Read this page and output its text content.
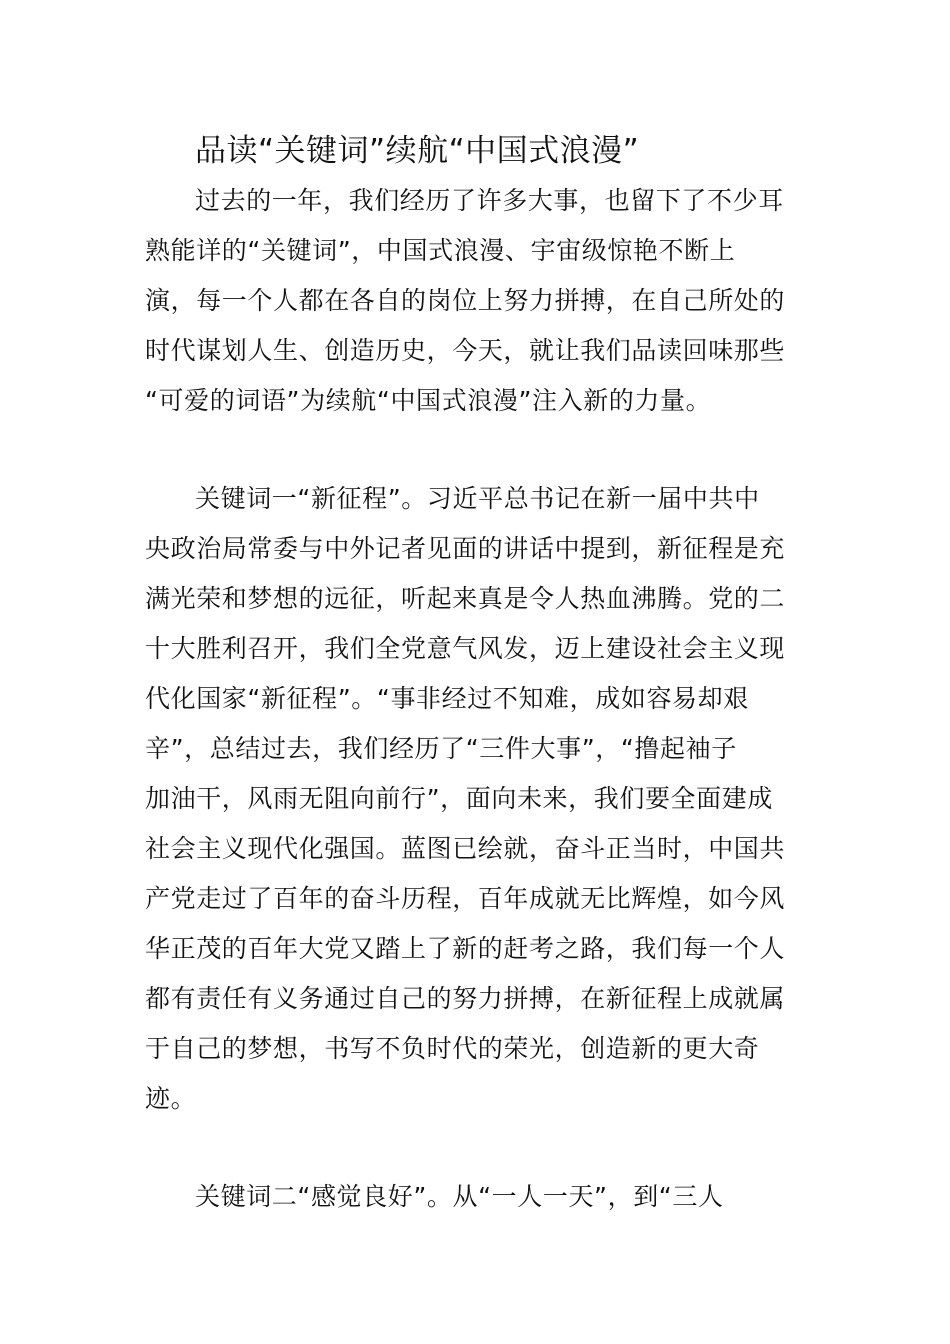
品读“关键词”续航“中国式浪漫”
过去的一年，我们经历了许多大事，也留下了不少耳
熟能详的“关键词”，中国式浪漫、宇宙级惊艳不断上
演，每一个人都在各自的岗位上努力拼搏，在自己所处的
时代谋划人生、创造历史，今天，就让我们品读回味那些
“可爱的词语”为续航“中国式浪漫”注入新的力量。
关键词一“新征程”。习近平总书记在新一届中共中
央政治局常委与中外记者见面的讲话中提到，新征程是充
满光荣和梦想的远征，听起来真是令人热血沸腾。党的二
十大胜利召开，我们全党意气风发，迈上建设社会主义现
代化国家“新征程”。“事非经过不知难，成如容易却艰
辛”，总结过去，我们经历了“三件大事”，“撸起袖子
加油干，风雨无阻向前行”，面向未来，我们要全面建成
社会主义现代化强国。蓝图已绘就，奋斗正当时，中国共
产党走过了百年的奋斗历程，百年成就无比辉煌，如今风
华正茂的百年大党又踏上了新的赶考之路，我们每一个人
都有责任有义务通过自己的努力拼搏，在新征程上成就属
于自己的梦想，书写不负时代的荣光，创造新的更大奇
迹。
关键词二“感觉良好”。从“一人一天”，到“三人
